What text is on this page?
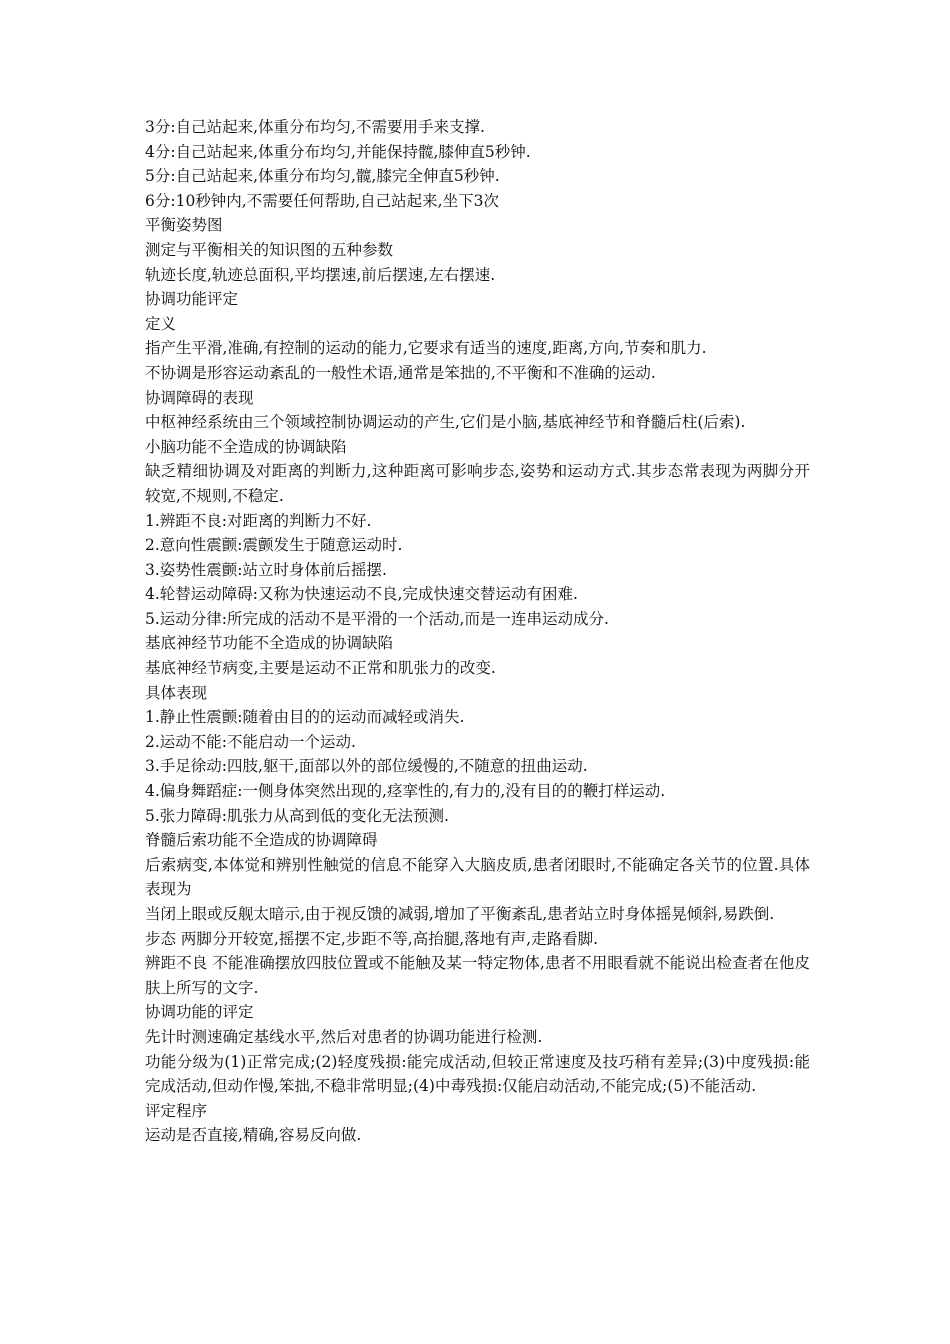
3分:自己站起来,体重分布均匀,不需要用手来支撑.
4分:自己站起来,体重分布均匀,并能保持髋,膝伸直5秒钟.
5分:自己站起来,体重分布均匀,髋,膝完全伸直5秒钟.
6分:10秒钟内,不需要任何帮助,自己站起来,坐下3次
平衡姿势图
测定与平衡相关的知识图的五种参数
轨迹长度,轨迹总面积,平均摆速,前后摆速,左右摆速.
协调功能评定
定义
指产生平滑,准确,有控制的运动的能力,它要求有适当的速度,距离,方向,节奏和肌力.
不协调是形容运动紊乱的一般性术语,通常是笨拙的,不平衡和不准确的运动.
协调障碍的表现
中枢神经系统由三个领域控制协调运动的产生,它们是小脑,基底神经节和脊髓后柱(后索).
小脑功能不全造成的协调缺陷
缺乏精细协调及对距离的判断力,这种距离可影响步态,姿势和运动方式.其步态常表现为两脚分开较宽,不规则,不稳定.
1.辨距不良:对距离的判断力不好.
2.意向性震颤:震颤发生于随意运动时.
3.姿势性震颤:站立时身体前后摇摆.
4.轮替运动障碍:又称为快速运动不良,完成快速交替运动有困难.
5.运动分律:所完成的活动不是平滑的一个活动,而是一连串运动成分.
基底神经节功能不全造成的协调缺陷
基底神经节病变,主要是运动不正常和肌张力的改变.
具体表现
1.静止性震颤:随着由目的的运动而减轻或消失.
2.运动不能:不能启动一个运动.
3.手足徐动:四肢,躯干,面部以外的部位缓慢的,不随意的扭曲运动.
4.偏身舞蹈症:一侧身体突然出现的,痉挛性的,有力的,没有目的的鞭打样运动.
5.张力障碍:肌张力从高到低的变化无法预测.
脊髓后索功能不全造成的协调障碍
后索病变,本体觉和辨别性触觉的信息不能穿入大脑皮质,患者闭眼时,不能确定各关节的位置.具体表现为
当闭上眼或反舰太暗示,由于视反馈的减弱,增加了平衡紊乱,患者站立时身体摇晃倾斜,易跌倒.
步态 两脚分开较宽,摇摆不定,步距不等,高抬腿,落地有声,走路看脚.
辨距不良 不能准确摆放四肢位置或不能触及某一特定物体,患者不用眼看就不能说出检查者在他皮肤上所写的文字.
协调功能的评定
先计时测速确定基线水平,然后对患者的协调功能进行检测.
功能分级为(1)正常完成;(2)轻度残损:能完成活动,但较正常速度及技巧稍有差异;(3)中度残损:能完成活动,但动作慢,笨拙,不稳非常明显;(4)中毒残损:仅能启动活动,不能完成;(5)不能活动.
评定程序
运动是否直接,精确,容易反向做.
